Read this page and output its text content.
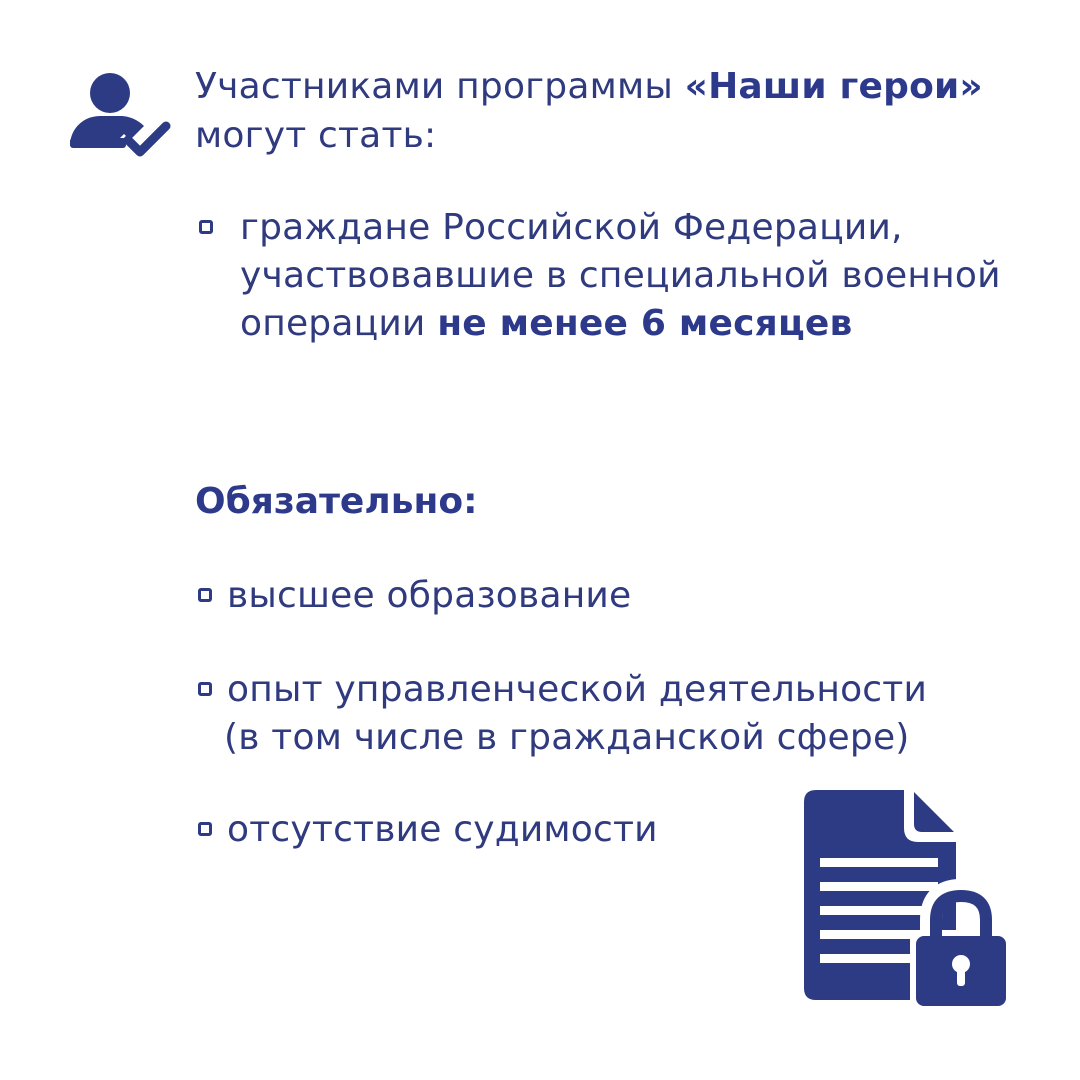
Участниками программы «Наши герои»
могут стать:
граждане Российской Федерации, участвовавшие в специальной военной операции не менее 6 месяцев
Обязательно:
высшее образование
опыт управленческой деятельности
(в том числе в гражданской сфере)
отсутствие судимости
